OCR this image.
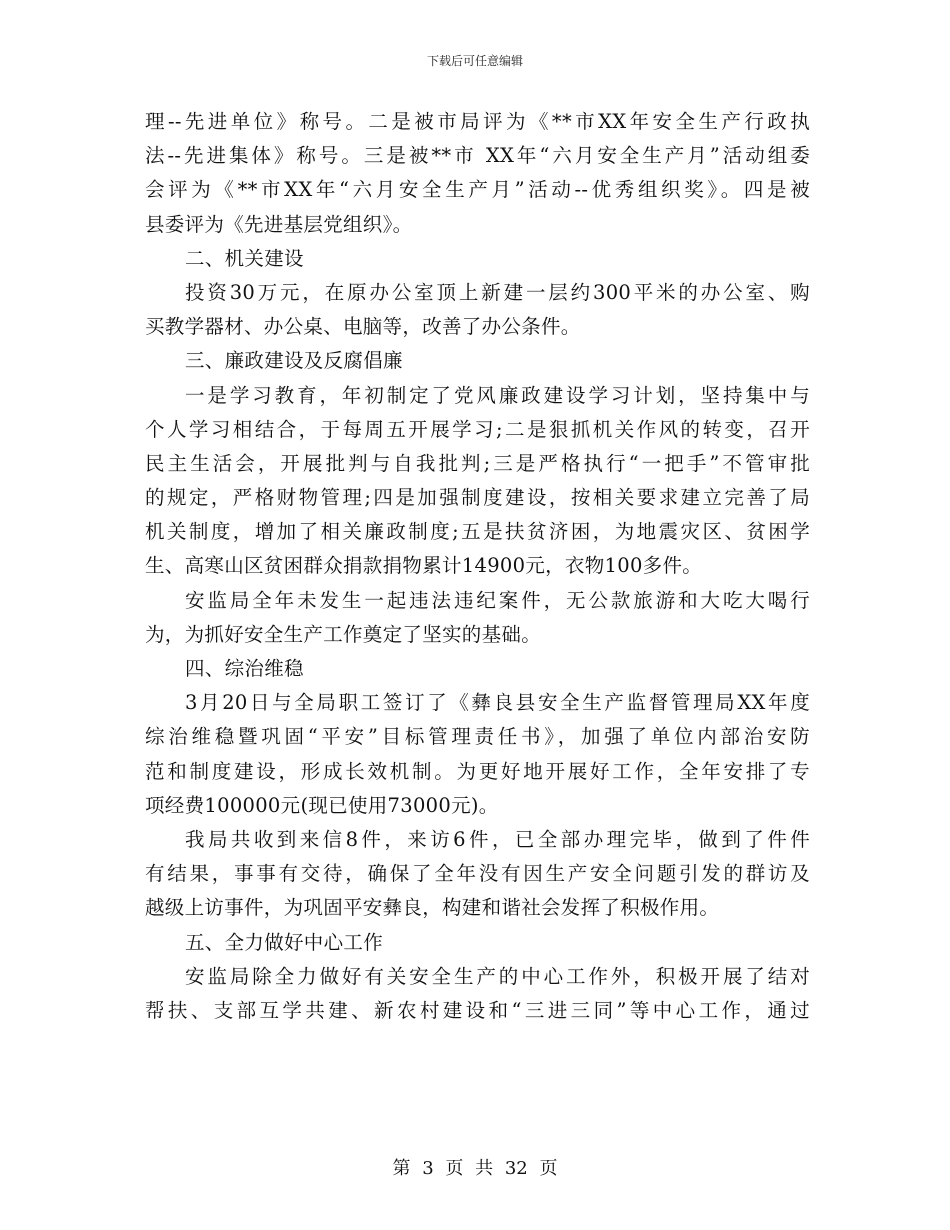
下载后可任意编辑
理--先进单位》称号。二是被市局评为《**市XX年安全生产行政执
法--先进集体》称号。三是被**市 XX年“六月安全生产月”活动组委
会评为《**市XX年“六月安全生产月”活动--优秀组织奖》。四是被
县委评为《先进基层党组织》。
二、机关建设
投资30万元，在原办公室顶上新建一层约300平米的办公室、购
买教学器材、办公桌、电脑等，改善了办公条件。
三、廉政建设及反腐倡廉
一是学习教育，年初制定了党风廉政建设学习计划，坚持集中与
个人学习相结合，于每周五开展学习;二是狠抓机关作风的转变，召开
民主生活会，开展批判与自我批判;三是严格执行“一把手”不管审批
的规定，严格财物管理;四是加强制度建设，按相关要求建立完善了局
机关制度，增加了相关廉政制度;五是扶贫济困，为地震灾区、贫困学
生、高寒山区贫困群众捐款捐物累计14900元，衣物100多件。
安监局全年未发生一起违法违纪案件，无公款旅游和大吃大喝行
为，为抓好安全生产工作奠定了坚实的基础。
四、综治维稳
3月20日与全局职工签订了《彝良县安全生产监督管理局XX年度
综治维稳暨巩固“平安”目标管理责任书》，加强了单位内部治安防
范和制度建设，形成长效机制。为更好地开展好工作，全年安排了专
项经费100000元(现已使用73000元)。
我局共收到来信8件，来访6件，已全部办理完毕，做到了件件
有结果，事事有交待，确保了全年没有因生产安全问题引发的群访及
越级上访事件，为巩固平安彝良，构建和谐社会发挥了积极作用。
五、全力做好中心工作
安监局除全力做好有关安全生产的中心工作外，积极开展了结对
帮扶、支部互学共建、新农村建设和“三进三同”等中心工作，通过
第 3 页 共 32 页
